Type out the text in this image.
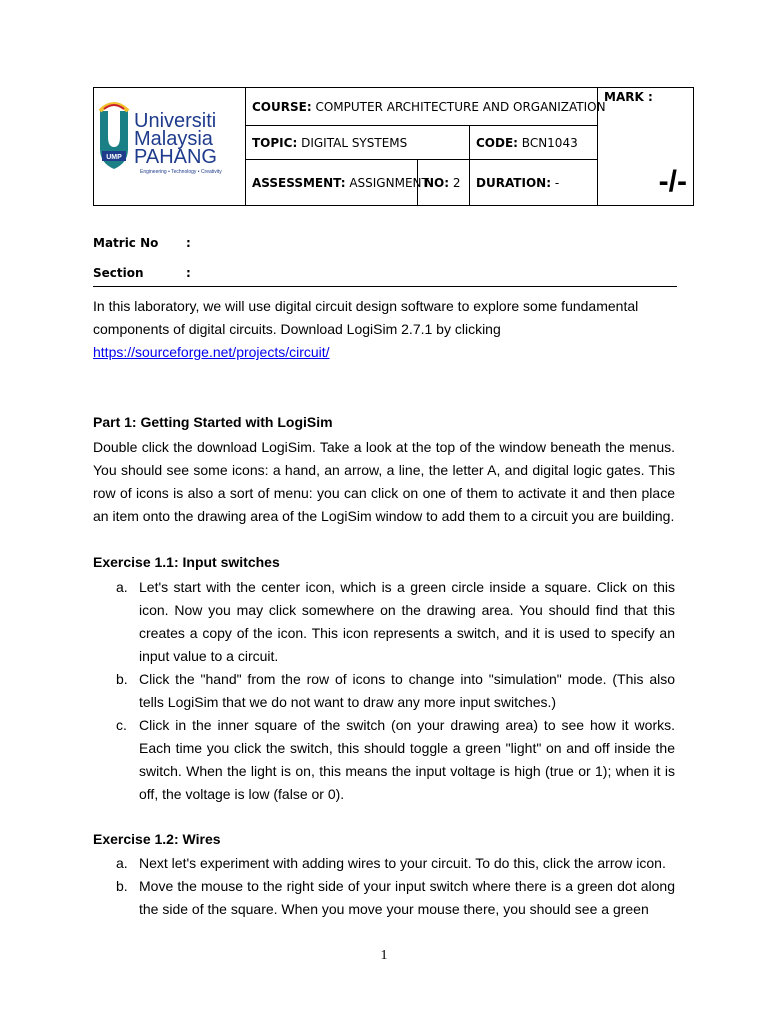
UMP
Universiti
Malaysia
PAHANG
Engineering • Technology • Creativity	COURSE: COMPUTER ARCHITECTURE AND ORGANIZATION			MARK :
-/-

	TOPIC: DIGITAL SYSTEMS		CODE: BCN1043	
	ASSESSMENT: ASSIGNMENT	NO: 2	DURATION: -	
Matric No :
Section	:
In this laboratory, we will use digital circuit design software to explore some fundamental components of digital circuits. Download LogiSim 2.7.1 by clicking
https://sourceforge.net/projects/circuit/
Part 1: Getting Started with LogiSim

Double click the download LogiSim. Take a look at the top of the window beneath the menus. You should see some icons: a hand, an arrow, a line, the letter A, and digital logic gates. This row of icons is also a sort of menu: you can click on one of them to activate it and then place an item onto the drawing area of the LogiSim window to add them to a circuit you are building.

Exercise 1.1: Input switches
a. Let's start with the center icon, which is a green circle inside a square. Click on this icon. Now you may click somewhere on the drawing area. You should find that this creates a copy of the icon. This icon represents a switch, and it is used to specify an input value to a circuit.
b. Click the "hand" from the row of icons to change into "simulation" mode. (This also tells LogiSim that we do not want to draw any more input switches.)
c. Click in the inner square of the switch (on your drawing area) to see how it works. Each time you click the switch, this should toggle a green "light" on and off inside the switch. When the light is on, this means the input voltage is high (true or 1); when it is off, the voltage is low (false or 0).
Exercise 1.2: Wires
a. Next let's experiment with adding wires to your circuit. To do this, click the arrow icon.
b. Move the mouse to the right side of your input switch where there is a green dot along the side of the square. When you move your mouse there, you should see a green
1
